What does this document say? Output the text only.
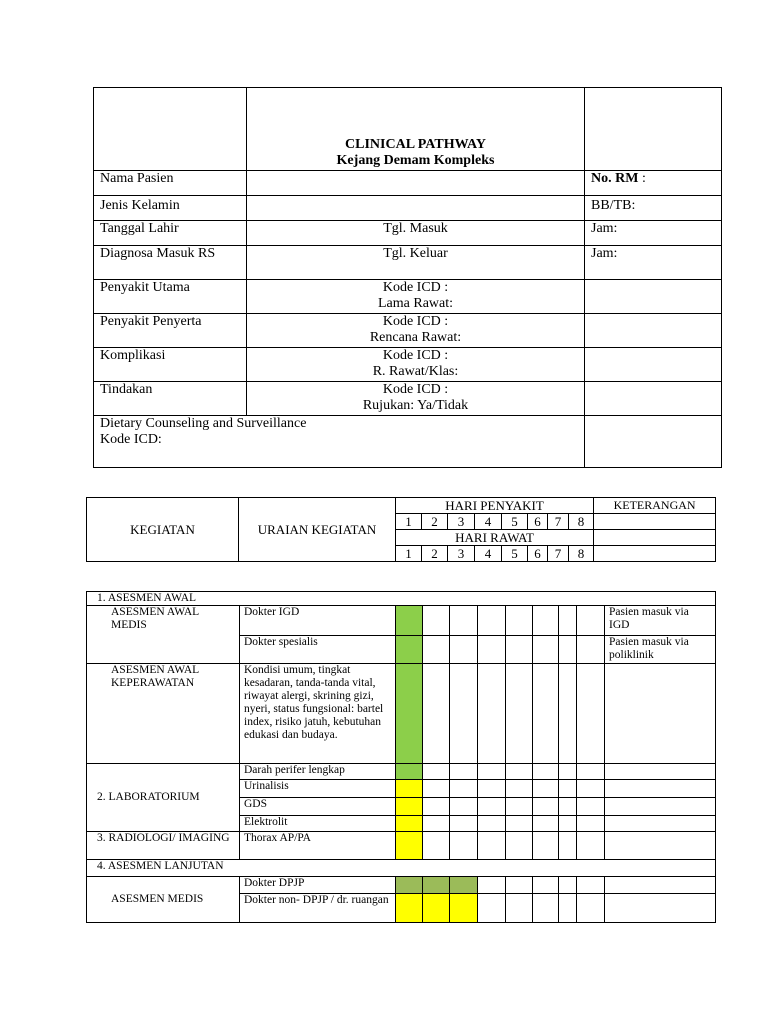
	CLINICAL PATHWAY
Kejang Demam Kompleks	

Nama Pasien		No. RM :
Jenis Kelamin		BB/TB:
Tanggal Lahir	Tgl. Masuk	Jam:
Diagnosa Masuk RS	Tgl. Keluar	Jam:
Penyakit Utama	Kode ICD :
Lama Rawat:	

Penyakit Penyerta	Kode ICD :
Rencana Rawat:	

Komplikasi	Kode ICD :
R. Rawat/Klas:	

Tindakan	Kode ICD :
Rujukan: Ya/Tidak	

Dietary Counseling and Surveillance
Kode ICD:		

KEGIATAN	URAIAN KEGIATAN	HARI PENYAKIT								KETERANGAN
		1	2	3	4	5	6	7	8	
		HARI RAWAT								
		1	2	3	4	5	6	7	8	
1. ASESMEN AWAL										
ASESMEN AWAL MEDIS	Dokter IGD									Pasien masuk via IGD
	Dokter spesialis									Pasien masuk via poliklinik
ASESMEN AWAL KEPERAWATAN	Kondisi umum, tingkat kesadaran, tanda-tanda vital, riwayat alergi, skrining gizi, nyeri, status fungsional: bartel index, risiko jatuh, kebutuhan edukasi dan budaya.									
2. LABORATORIUM	Darah perifer lengkap									
	Urinalisis									
	GDS									
	Elektrolit									
3. RADIOLOGI/ IMAGING	Thorax AP/PA									
4. ASESMEN LANJUTAN										
ASESMEN MEDIS	Dokter DPJP									
	Dokter non- DPJP / dr. ruangan									
